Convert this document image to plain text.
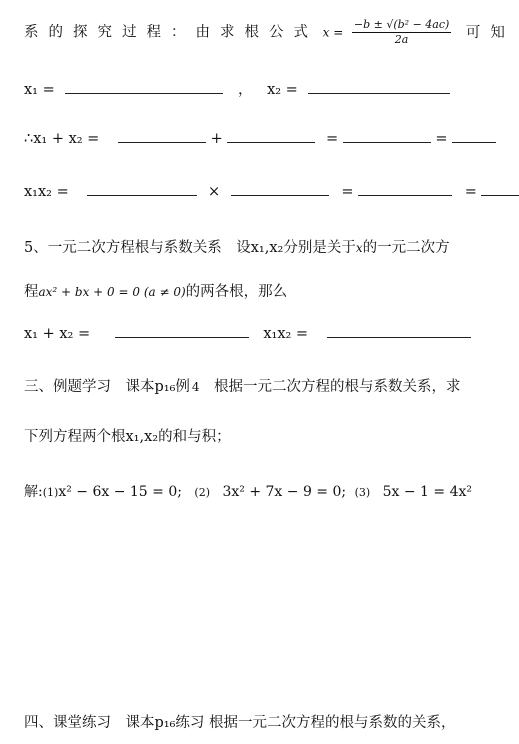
系的探究过程：由求根公式 $x = \frac{\text{−b ± √(b² − 4ac)}}{2a}$ 可知
x₁ =	， x₂ =
∴x₁ + x₂ =	+	=	=
x₁x₂ =	×	=	=
5、一元二次方程根与系数关系　设x₁,x₂分别是关于x的一元二次方
程ax² + bx + 0 = 0 (a ≠ 0)的两各根，那么
x₁ + x₂ =	x₁x₂ =
三、例题学习　课本p₁₆例 4　根据一元二次方程的根与系数关系，求
下列方程两个根x₁,x₂的和与积；
解:(1)x² − 6x − 15 = 0; (2) 3x² + 7x − 9 = 0; (3) 5x − 1 = 4x²
四、课堂练习　课本p₁₆练习 根据一元二次方程的根与系数的关系，
